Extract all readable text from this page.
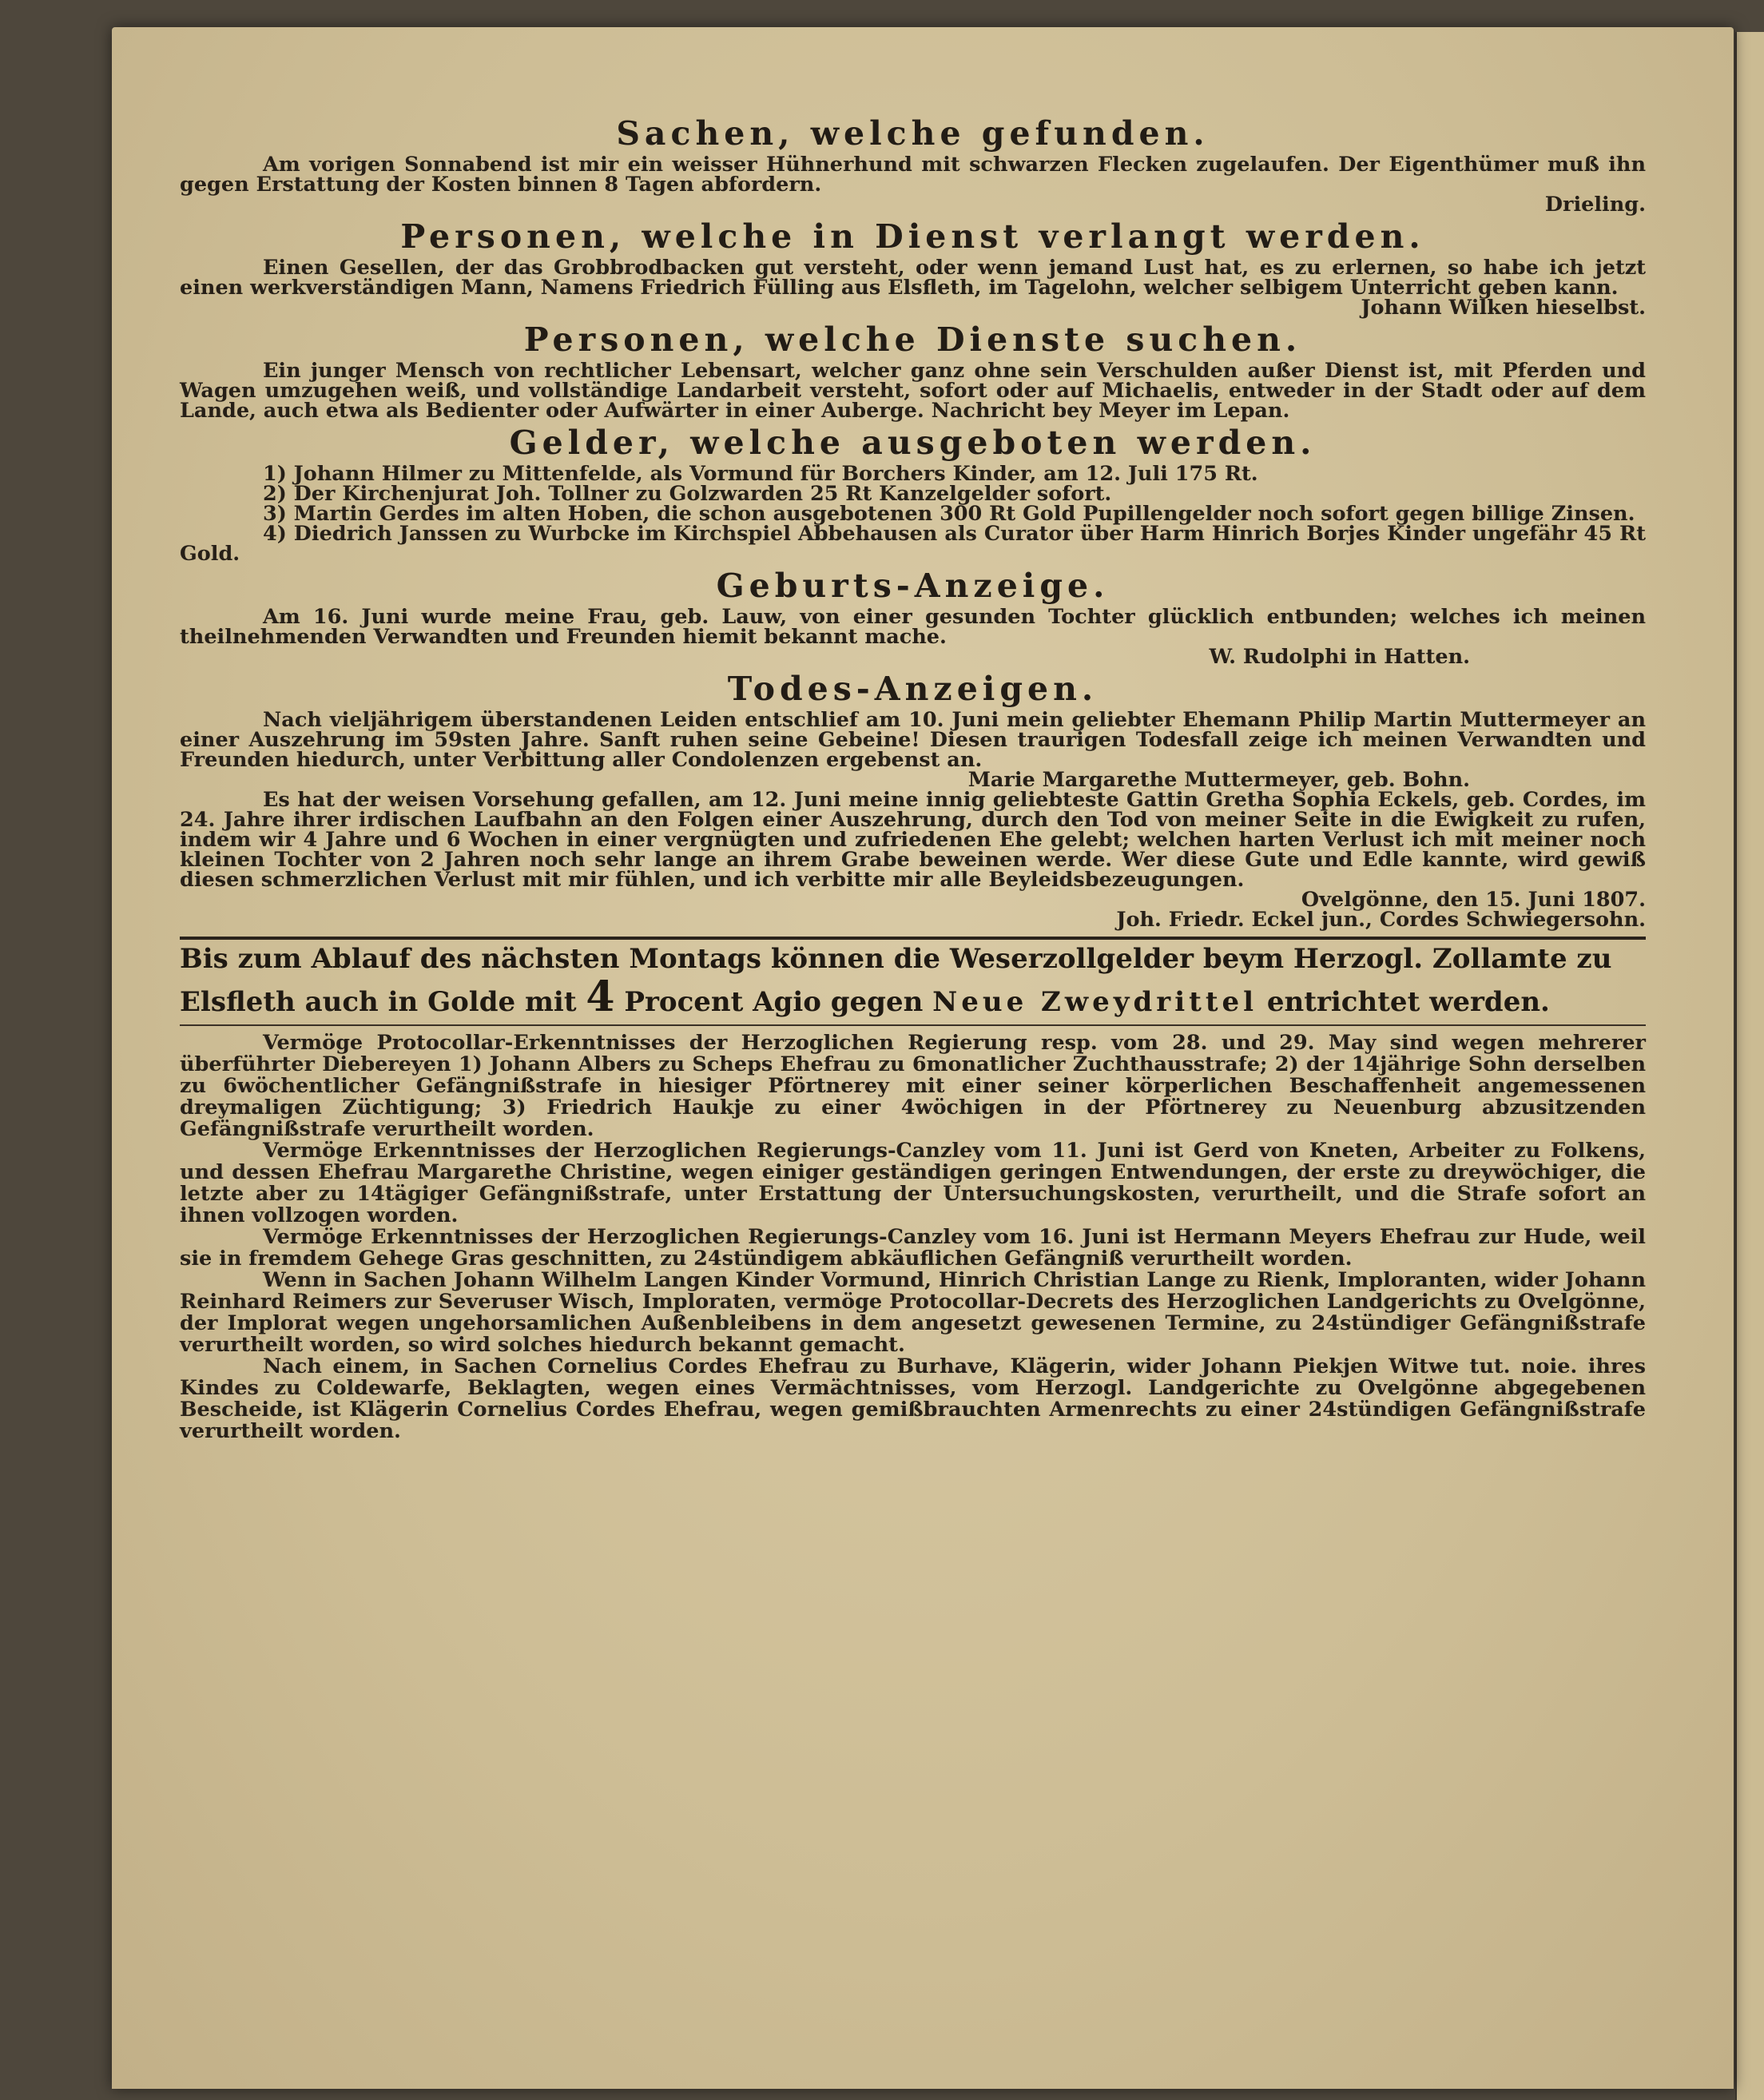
Sachen, welche gefunden.

Am vorigen Sonnabend ist mir ein weisser Hühnerhund mit schwarzen Flecken zugelaufen. Der Eigenthümer muß ihn gegen Erstattung der Kosten binnen 8 Tagen abfordern.

Drieling.

Personen, welche in Dienst verlangt werden.

Einen Gesellen, der das Grobbrodbacken gut versteht, oder wenn jemand Lust hat, es zu erlernen, so habe ich jetzt einen werkverständigen Mann, Namens Friedrich Fülling aus Elsfleth, im Tagelohn, welcher selbigem Unterricht geben kann.

Johann Wilken hieselbst.

Personen, welche Dienste suchen.

Ein junger Mensch von rechtlicher Lebensart, welcher ganz ohne sein Verschulden außer Dienst ist, mit Pferden und Wagen umzugehen weiß, und vollständige Landarbeit versteht, sofort oder auf Michaelis, entweder in der Stadt oder auf dem Lande, auch etwa als Bedienter oder Aufwärter in einer Auberge. Nachricht bey Meyer im Lepan.

Gelder, welche ausgeboten werden.

1) Johann Hilmer zu Mittenfelde, als Vormund für Borchers Kinder, am 12. Juli 175 Rt.

2) Der Kirchenjurat Joh. Tollner zu Golzwarden 25 Rt Kanzelgelder sofort.

3) Martin Gerdes im alten Hoben, die schon ausgebotenen 300 Rt Gold Pupillengelder noch sofort gegen billige Zinsen.

4) Diedrich Janssen zu Wurbcke im Kirchspiel Abbehausen als Curator über Harm Hinrich Borjes Kinder ungefähr 45 Rt Gold.

Geburts-Anzeige.

Am 16. Juni wurde meine Frau, geb. Lauw, von einer gesunden Tochter glücklich entbunden; welches ich meinen theilnehmenden Verwandten und Freunden hiemit bekannt mache.

W. Rudolphi in Hatten.

Todes-Anzeigen.

Nach vieljährigem überstandenen Leiden entschlief am 10. Juni mein geliebter Ehemann Philip Martin Muttermeyer an einer Auszehrung im 59sten Jahre. Sanft ruhen seine Gebeine! Diesen traurigen Todesfall zeige ich meinen Verwandten und Freunden hiedurch, unter Verbittung aller Condolenzen ergebenst an.

Marie Margarethe Muttermeyer, geb. Bohn.

Es hat der weisen Vorsehung gefallen, am 12. Juni meine innig geliebteste Gattin Gretha Sophia Eckels, geb. Cordes, im 24. Jahre ihrer irdischen Laufbahn an den Folgen einer Auszehrung, durch den Tod von meiner Seite in die Ewigkeit zu rufen, indem wir 4 Jahre und 6 Wochen in einer vergnügten und zufriedenen Ehe gelebt; welchen harten Verlust ich mit meiner noch kleinen Tochter von 2 Jahren noch sehr lange an ihrem Grabe beweinen werde. Wer diese Gute und Edle kannte, wird gewiß diesen schmerzlichen Verlust mit mir fühlen, und ich verbitte mir alle Beyleidsbezeugungen.

Ovelgönne, den 15. Juni 1807.

Joh. Friedr. Eckel jun., Cordes Schwiegersohn.

Bis zum Ablauf des nächsten Montags können die Weserzollgelder beym Herzogl. Zollamte zu
Elsfleth auch in Golde mit 4 Procent Agio gegen Neue Zweydrittel entrichtet werden.

Vermöge Protocollar-Erkenntnisses der Herzoglichen Regierung resp. vom 28. und 29. May sind wegen mehrerer überführter Diebereyen 1) Johann Albers zu Scheps Ehefrau zu 6monatlicher Zuchthausstrafe; 2) der 14jährige Sohn derselben zu 6wöchentlicher Gefängnißstrafe in hiesiger Pförtnerey mit einer seiner körperlichen Beschaffenheit angemessenen dreymaligen Züchtigung; 3) Friedrich Haukje zu einer 4wöchigen in der Pförtnerey zu Neuenburg abzusitzenden Gefängnißstrafe verurtheilt worden.

Vermöge Erkenntnisses der Herzoglichen Regierungs-Canzley vom 11. Juni ist Gerd von Kneten, Arbeiter zu Folkens, und dessen Ehefrau Margarethe Christine, wegen einiger geständigen geringen Entwendungen, der erste zu dreywöchiger, die letzte aber zu 14tägiger Gefängnißstrafe, unter Erstattung der Untersuchungskosten, verurtheilt, und die Strafe sofort an ihnen vollzogen worden.

Vermöge Erkenntnisses der Herzoglichen Regierungs-Canzley vom 16. Juni ist Hermann Meyers Ehefrau zur Hude, weil sie in fremdem Gehege Gras geschnitten, zu 24stündigem abkäuflichen Gefängniß verurtheilt worden.

Wenn in Sachen Johann Wilhelm Langen Kinder Vormund, Hinrich Christian Lange zu Rienk, Imploranten, wider Johann Reinhard Reimers zur Severuser Wisch, Imploraten, vermöge Protocollar-Decrets des Herzoglichen Landgerichts zu Ovelgönne, der Implorat wegen ungehorsamlichen Außenbleibens in dem angesetzt gewesenen Termine, zu 24stündiger Gefängnißstrafe verurtheilt worden, so wird solches hiedurch bekannt gemacht.

Nach einem, in Sachen Cornelius Cordes Ehefrau zu Burhave, Klägerin, wider Johann Piekjen Witwe tut. noie. ihres Kindes zu Coldewarfe, Beklagten, wegen eines Vermächtnisses, vom Herzogl. Landgerichte zu Ovelgönne abgegebenen Bescheide, ist Klägerin Cornelius Cordes Ehefrau, wegen gemißbrauchten Armenrechts zu einer 24stündigen Gefängnißstrafe verurtheilt worden.
